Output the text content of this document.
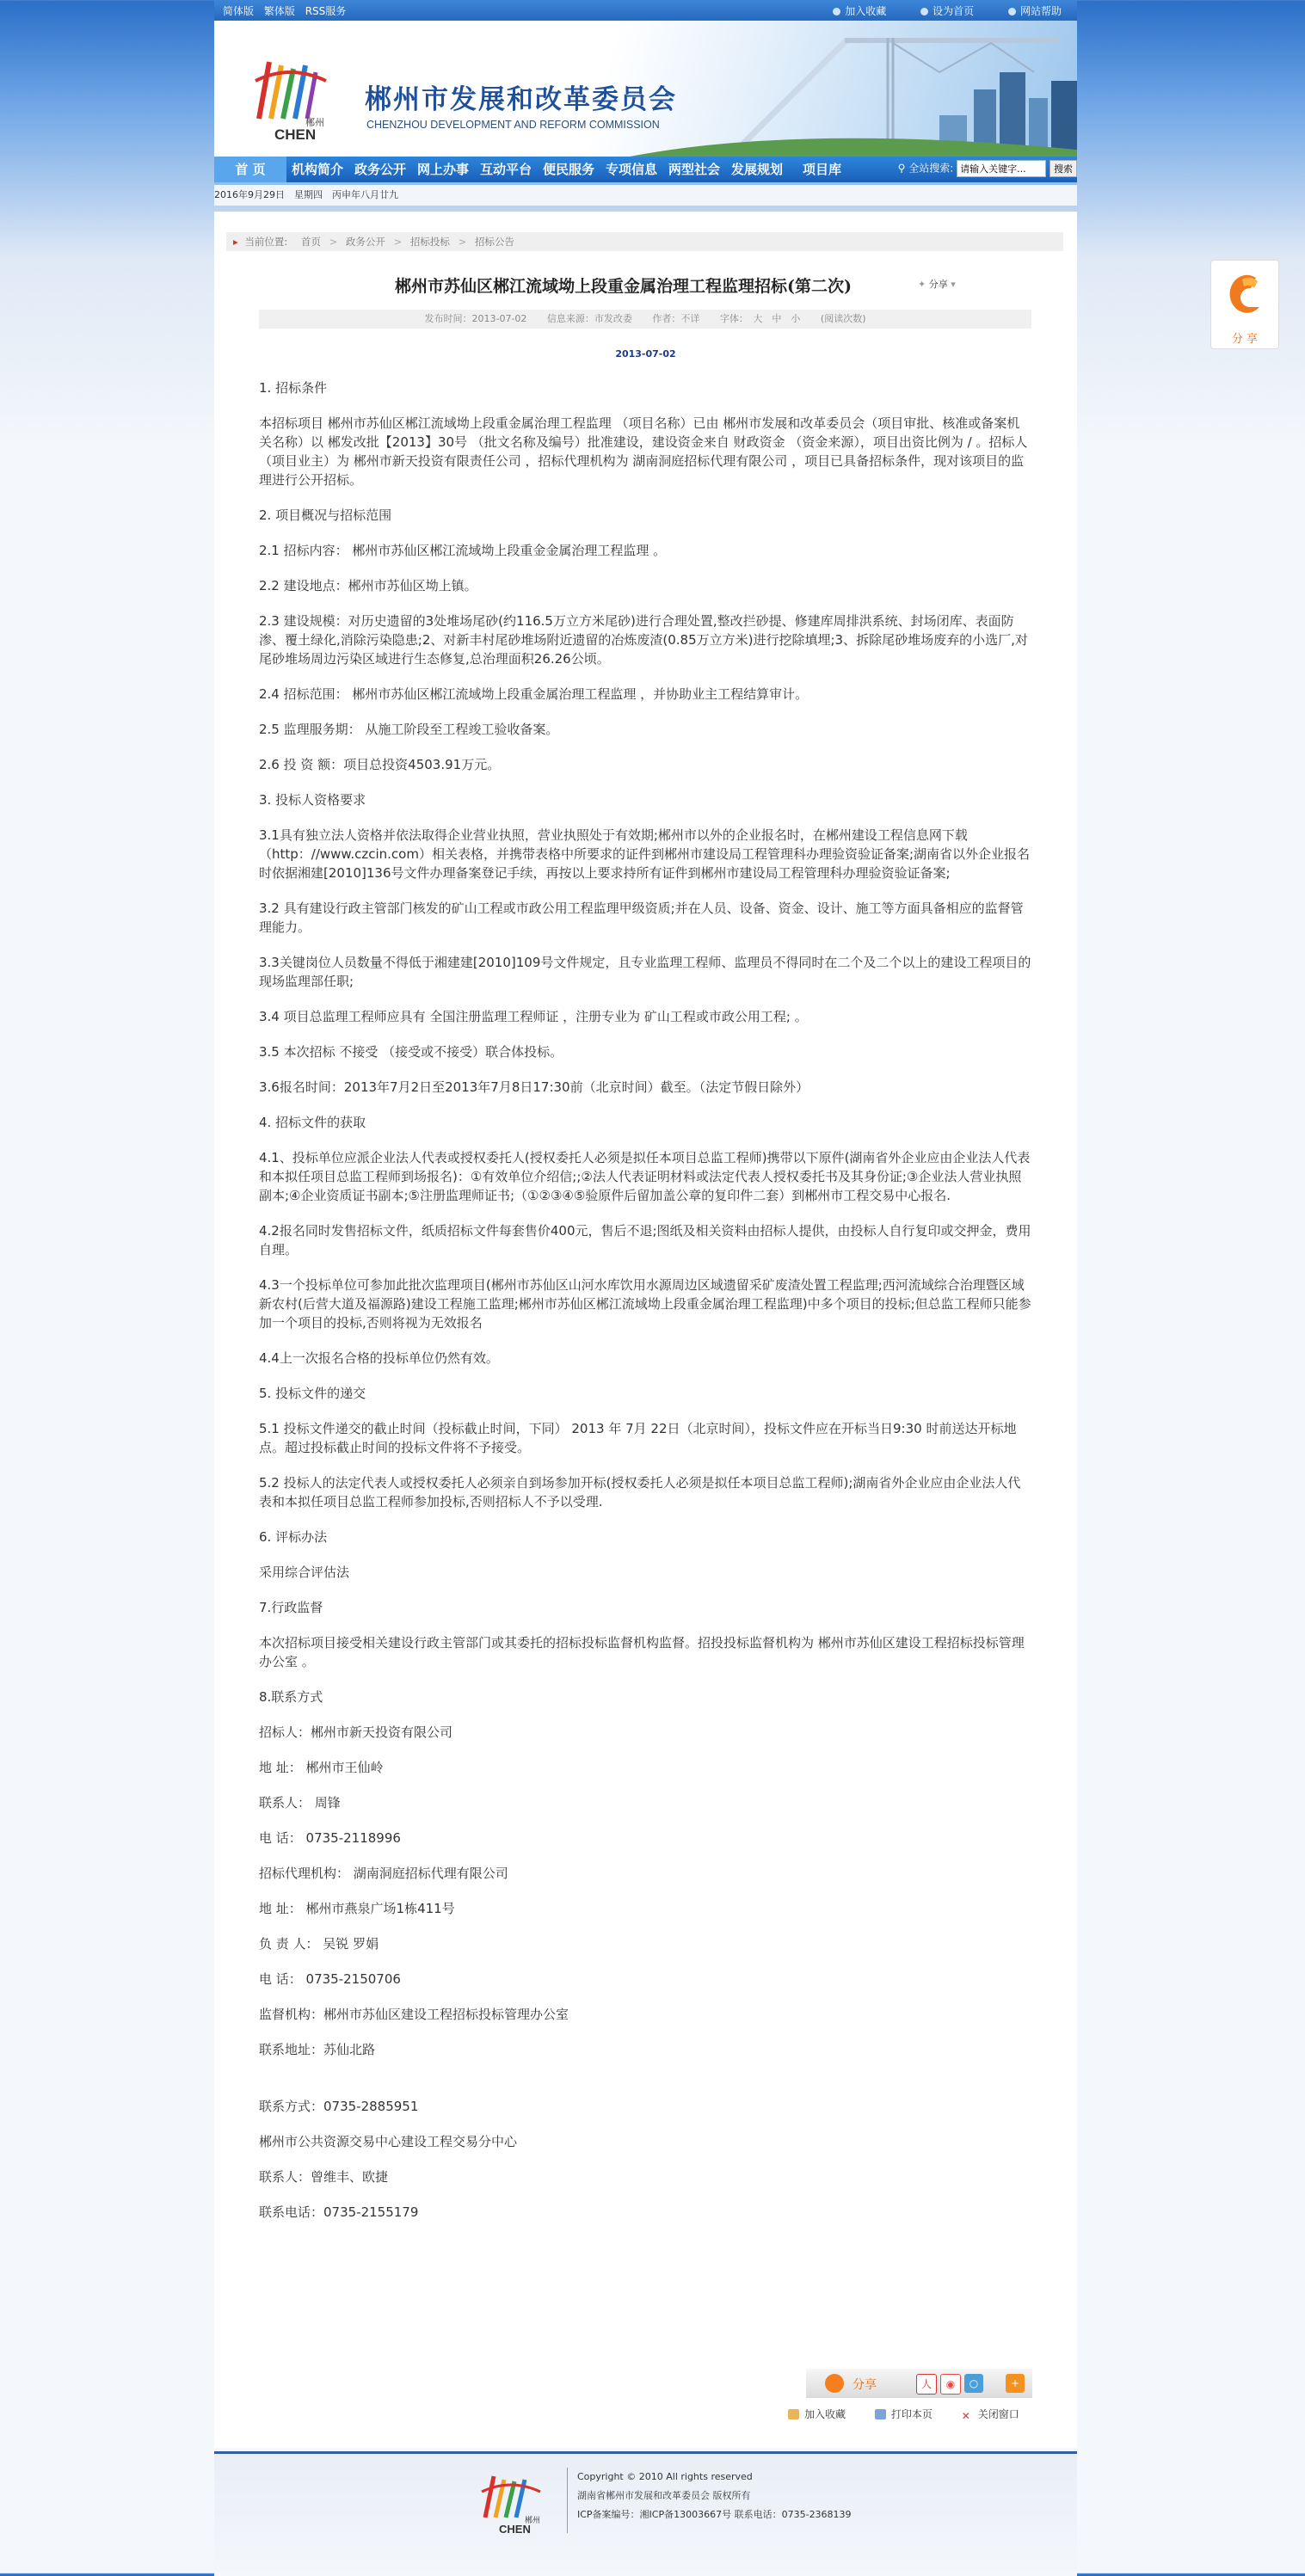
简体版 繁体版 RSS服务	加入收藏	设为首页	网站帮助
郴州
CHEN
郴州市发展和改革委员会
CHENZHOU DEVELOPMENT AND REFORM COMMISSION
首 页	机构简介 政务公开 网上办事 互动平台 便民服务 专项信息 两型社会 发展规划 项目库	⚲ 全站搜索: 请输入关键字...	搜索
2016年9月29日　星期四　丙申年八月廿九
▸ 当前位置: 首页 > 政务公开 > 招标投标 > 招标公告
郴州市苏仙区郴江流域坳上段重金属治理工程监理招标(第二次)	✦ 分享 ▾
发布时间：2013-07-02 信息来源：市发改委 作者：不详 字体：　大　中　小 (阅读次数)
2013-07-02

1. 招标条件

本招标项目 郴州市苏仙区郴江流域坳上段重金属治理工程监理 （项目名称）已由 郴州市发展和改革委员会（项目审批、核准或备案机关名称）以 郴发改批【2013】30号 （批文名称及编号）批准建设，建设资金来自 财政资金 （资金来源），项目出资比例为 / 。招标人（项目业主）为 郴州市新天投资有限责任公司 ，招标代理机构为 湖南洞庭招标代理有限公司 ，项目已具备招标条件，现对该项目的监理进行公开招标。

2. 项目概况与招标范围

2.1 招标内容： 郴州市苏仙区郴江流域坳上段重金金属治理工程监理 。

2.2 建设地点：郴州市苏仙区坳上镇。

2.3 建设规模：对历史遗留的3处堆场尾砂(约116.5万立方米尾砂)进行合理处置,整改拦砂提、修建库周排洪系统、封场闭库、表面防渗、覆土绿化,消除污染隐患;2、对新丰村尾砂堆场附近遗留的冶炼废渣(0.85万立方米)进行挖除填埋;3、拆除尾砂堆场废弃的小选厂,对尾砂堆场周边污染区域进行生态修复,总治理面积26.26公顷。

2.4 招标范围： 郴州市苏仙区郴江流域坳上段重金属治理工程监理 ，并协助业主工程结算审计。

2.5 监理服务期： 从施工阶段至工程竣工验收备案。

2.6 投 资 额：项目总投资4503.91万元。

3. 投标人资格要求

3.1具有独立法人资格并依法取得企业营业执照，营业执照处于有效期;郴州市以外的企业报名时，在郴州建设工程信息网下载（http：//www.czcin.com）相关表格，并携带表格中所要求的证件到郴州市建设局工程管理科办理验资验证备案;湖南省以外企业报名时依据湘建[2010]136号文件办理备案登记手续，再按以上要求持所有证件到郴州市建设局工程管理科办理验资验证备案;

3.2 具有建设行政主管部门核发的矿山工程或市政公用工程监理甲级资质;并在人员、设备、资金、设计、施工等方面具备相应的监督管理能力。

3.3关键岗位人员数量不得低于湘建建[2010]109号文件规定，且专业监理工程师、监理员不得同时在二个及二个以上的建设工程项目的现场监理部任职;

3.4 项目总监理工程师应具有 全国注册监理工程师证 ，注册专业为 矿山工程或市政公用工程; 。

3.5 本次招标 不接受 （接受或不接受）联合体投标。

3.6报名时间：2013年7月2日至2013年7月8日17:30前（北京时间）截至。（法定节假日除外）

4. 招标文件的获取

4.1、投标单位应派企业法人代表或授权委托人(授权委托人必须是拟任本项目总监工程师)携带以下原件(湖南省外企业应由企业法人代表和本拟任项目总监工程师到场报名)：①有效单位介绍信;;②法人代表证明材料或法定代表人授权委托书及其身份证;③企业法人营业执照副本;④企业资质证书副本;⑤注册监理师证书;（①②③④⑤验原件后留加盖公章的复印件二套）到郴州市工程交易中心报名.

4.2报名同时发售招标文件，纸质招标文件每套售价400元，售后不退;图纸及相关资料由招标人提供，由投标人自行复印或交押金，费用自理。

4.3一个投标单位可参加此批次监理项目(郴州市苏仙区山河水库饮用水源周边区域遗留采矿废渣处置工程监理;西河流域综合治理暨区域新农村(后营大道及福源路)建设工程施工监理;郴州市苏仙区郴江流域坳上段重金属治理工程监理)中多个项目的投标;但总监工程师只能参加一个项目的投标,否则将视为无效报名

4.4上一次报名合格的投标单位仍然有效。

5. 投标文件的递交

5.1 投标文件递交的截止时间（投标截止时间，下同） 2013 年 7月 22日（北京时间），投标文件应在开标当日9:30 时前送达开标地点。超过投标截止时间的投标文件将不予接受。

5.2 投标人的法定代表人或授权委托人必须亲自到场参加开标(授权委托人必须是拟任本项目总监工程师);湖南省外企业应由企业法人代表和本拟任项目总监工程师参加投标,否则招标人不予以受理.

6. 评标办法

采用综合评估法

7.行政监督

本次招标项目接受相关建设行政主管部门或其委托的招标投标监督机构监督。招投投标监督机构为 郴州市苏仙区建设工程招标投标管理办公室 。

8.联系方式

招标人：郴州市新天投资有限公司

地 址： 郴州市王仙岭

联系人： 周锋

电 话： 0735-2118996

招标代理机构： 湖南洞庭招标代理有限公司

地 址： 郴州市燕泉广场1栋411号

负 责 人： 吴锐 罗娟

电 话： 0735-2150706

监督机构：郴州市苏仙区建设工程招标投标管理办公室

联系地址：苏仙北路

联系方式：0735-2885951

郴州市公共资源交易中心建设工程交易分中心

联系人：曾维丰、欧捷

联系电话：0735-2155179

分享	人	◉	○	+
加入收藏	打印本页	✕ 关闭窗口
郴州
CHEN
Copyright © 2010 All rights reserved
湖南省郴州市发展和改革委员会 版权所有
ICP备案编号：湘ICP备13003667号 联系电话：0735-2368139
分 享
